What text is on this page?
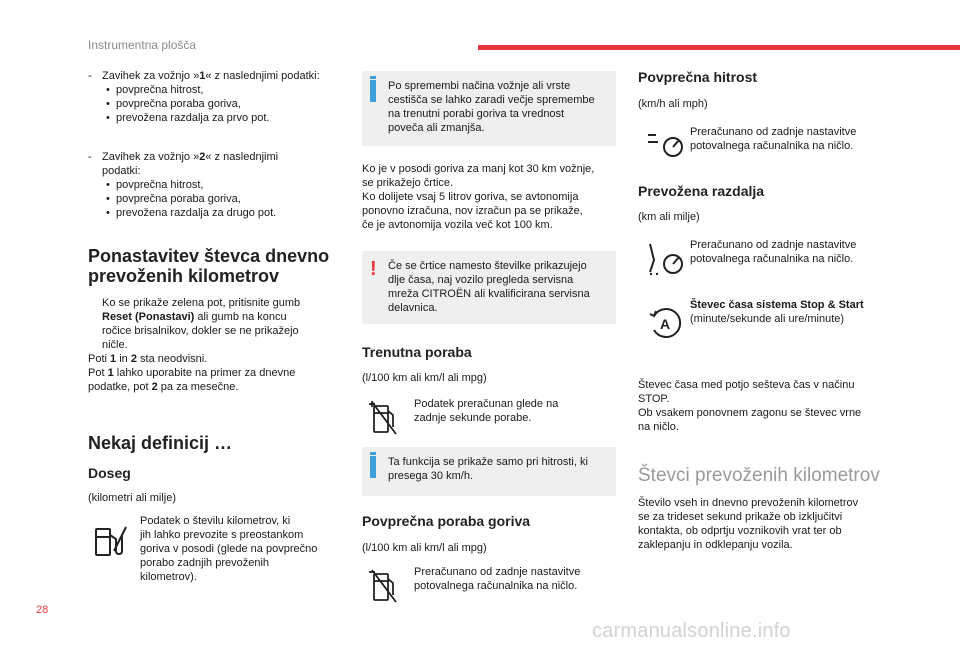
Instrumentna plošča
- Zavihek za vožnjo »1« z naslednjimi podatki:
• povprečna hitrost,
• povprečna poraba goriva,
• prevožena razdalja za prvo pot.
- Zavihek za vožnjo »2« z naslednjimi
podatki:
• povprečna hitrost,
• povprečna poraba goriva,
• prevožena razdalja za drugo pot.
Ponastavitev števca dnevno
prevoženih kilometrov
Ko se prikaže zelena pot, pritisnite gumb
Reset (Ponastavi) ali gumb na koncu
ročice brisalnikov, dokler se ne prikažejo
ničle.
Poti 1 in 2 sta neodvisni.
Pot 1 lahko uporabite na primer za dnevne
podatke, pot 2 pa za mesečne.
Nekaj definicij …
Doseg
(kilometri ali milje)
Podatek o številu kilometrov, ki
jih lahko prevozite s preostankom
goriva v posodi (glede na povprečno
porabo zadnjih prevoženih
kilometrov).
Po spremembi načina vožnje ali vrste
cestišča se lahko zaradi večje spremembe
na trenutni porabi goriva ta vrednost
poveča ali zmanjša.
Ko je v posodi goriva za manj kot 30 km vožnje,
se prikažejo črtice.
Ko dolijete vsaj 5 litrov goriva, se avtonomija
ponovno izračuna, nov izračun pa se prikaže,
če je avtonomija vozila več kot 100 km.
! Če se črtice namesto številke prikazujejo
dlje časa, naj vozilo pregleda servisna
mreža CITROËN ali kvalificirana servisna
delavnica.
Trenutna poraba
(l/100 km ali km/l ali mpg)
Podatek preračunan glede na
zadnje sekunde porabe.
Ta funkcija se prikaže samo pri hitrosti, ki
presega 30 km/h.
Povprečna poraba goriva
(l/100 km ali km/l ali mpg)
Preračunano od zadnje nastavitve
potovalnega računalnika na ničlo.
Povprečna hitrost
(km/h ali mph)
Preračunano od zadnje nastavitve
potovalnega računalnika na ničlo.
Prevožena razdalja
(km ali milje)
Preračunano od zadnje nastavitve
potovalnega računalnika na ničlo.
A
Števec časa sistema Stop & Start
(minute/sekunde ali ure/minute)
Števec časa med potjo sešteva čas v načinu
STOP.
Ob vsakem ponovnem zagonu se števec vrne
na ničlo.
Števci prevoženih kilometrov
Število vseh in dnevno prevoženih kilometrov
se za trideset sekund prikaže ob izključitvi
kontakta, ob odprtju voznikovih vrat ter ob
zaklepanju in odklepanju vozila.
28
carmanualsonline.info
